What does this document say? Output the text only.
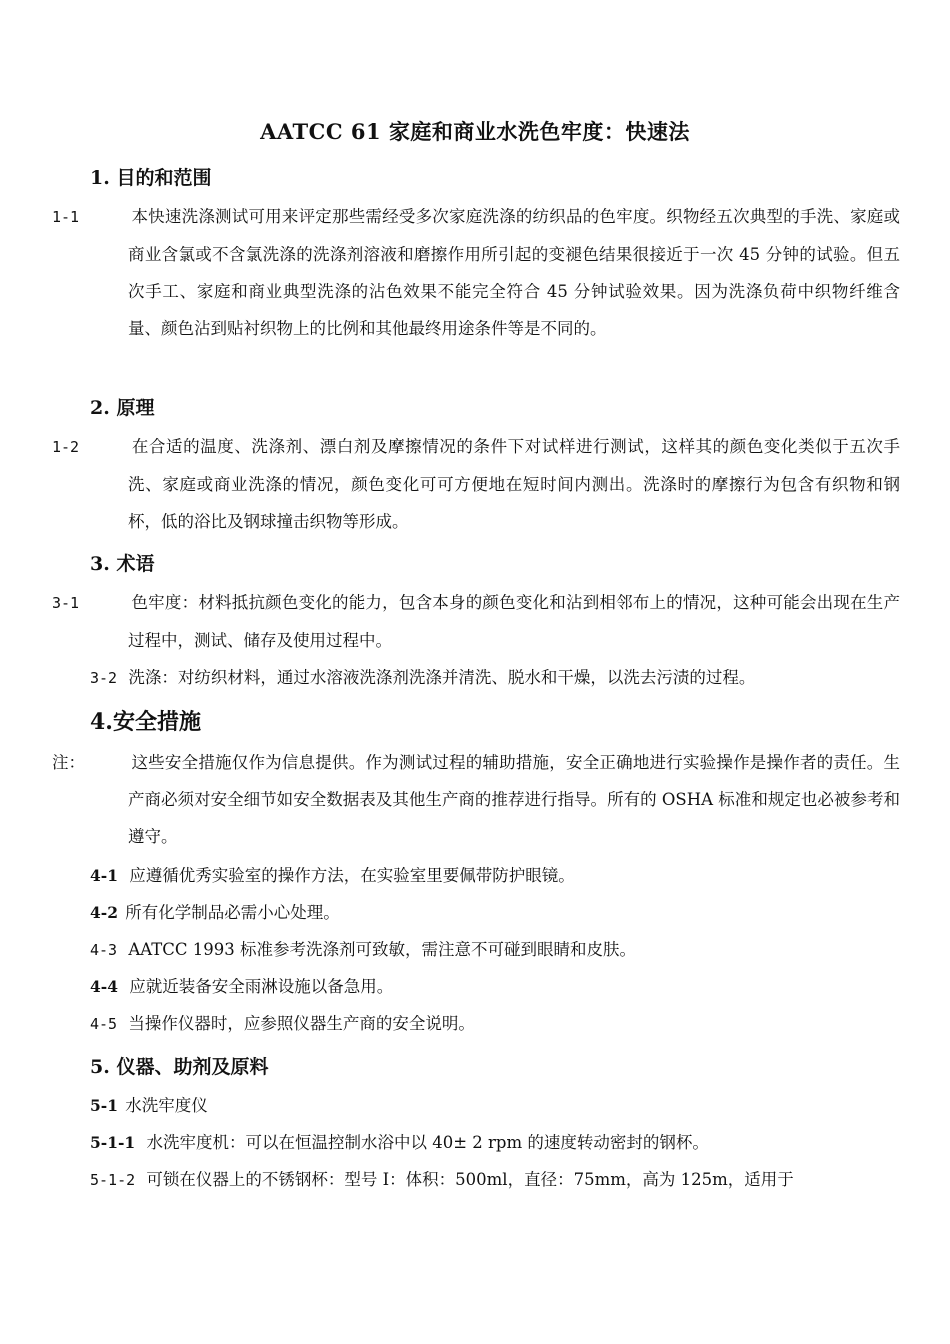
AATCC 61 家庭和商业水洗色牢度：快速法
1. 目的和范围
1-1	本快速洗涤测试可用来评定那些需经受多次家庭洗涤的纺织品的色牢度。织物经五次典型的手洗、家庭或商业含氯或不含氯洗涤的洗涤剂溶液和磨擦作用所引起的变褪色结果很接近于一次 45 分钟的试验。但五次手工、家庭和商业典型洗涤的沾色效果不能完全符合 45 分钟试验效果。因为洗涤负荷中织物纤维含量、颜色沾到贴衬织物上的比例和其他最终用途条件等是不同的。
2. 原理
1-2	在合适的温度、洗涤剂、漂白剂及摩擦情况的条件下对试样进行测试，这样其的颜色变化类似于五次手洗、家庭或商业洗涤的情况，颜色变化可可方便地在短时间内测出。洗涤时的摩擦行为包含有织物和钢杯，低的浴比及钢球撞击织物等形成。
3. 术语
3-1	色牢度：材料抵抗颜色变化的能力，包含本身的颜色变化和沾到相邻布上的情况，这种可能会出现在生产过程中，测试、储存及使用过程中。
3-2 洗涤：对纺织材料，通过水溶液洗涤剂洗涤并清洗、脱水和干燥，以洗去污渍的过程。
4.安全措施
注：	这些安全措施仅作为信息提供。作为测试过程的辅助措施，安全正确地进行实验操作是操作者的责任。生产商必须对安全细节如安全数据表及其他生产商的推荐进行指导。所有的 OSHA 标准和规定也必被参考和遵守。
4-1 应遵循优秀实验室的操作方法，在实验室里要佩带防护眼镜。
4-2 所有化学制品必需小心处理。
4-3 AATCC 1993 标准参考洗涤剂可致敏，需注意不可碰到眼睛和皮肤。
4-4 应就近装备安全雨淋设施以备急用。
4-5 当操作仪器时，应参照仪器生产商的安全说明。
5. 仪器、助剂及原料
5-1 水洗牢度仪
5-1-1 水洗牢度机：可以在恒温控制水浴中以 40± 2 rpm 的速度转动密封的钢杯。
5-1-2 可锁在仪器上的不锈钢杯：型号 I：体积：500ml，直径：75mm，高为 125m，适用于
